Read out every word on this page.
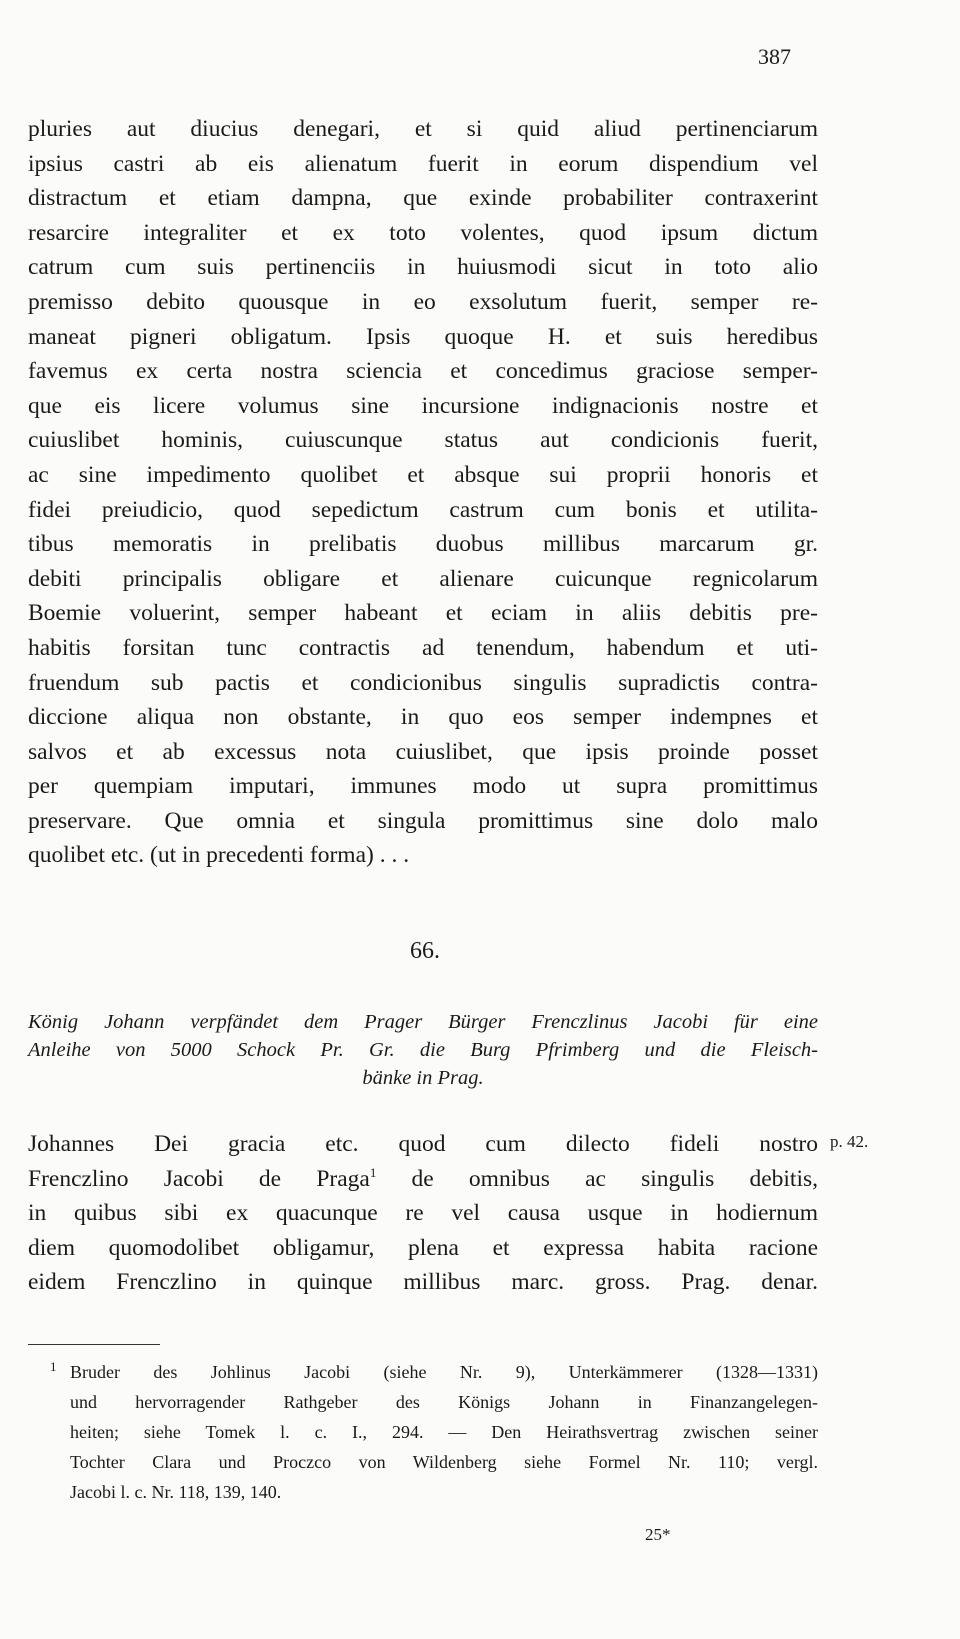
387
pluries aut diucius denegari, et si quid aliud pertinenciarum
ipsius castri ab eis alienatum fuerit in eorum dispendium vel
distractum et etiam dampna, que exinde probabiliter contraxerint
resarcire integraliter et ex toto volentes, quod ipsum dictum
catrum cum suis pertinenciis in huiusmodi sicut in toto alio
premisso debito quousque in eo exsolutum fuerit, semper re-
maneat pigneri obligatum. Ipsis quoque H. et suis heredibus
favemus ex certa nostra sciencia et concedimus graciose semper-
que eis licere volumus sine incursione indignacionis nostre et
cuiuslibet hominis, cuiuscunque status aut condicionis fuerit,
ac sine impedimento quolibet et absque sui proprii honoris et
fidei preiudicio, quod sepedictum castrum cum bonis et utilita-
tibus memoratis in prelibatis duobus millibus marcarum gr.
debiti principalis obligare et alienare cuicunque regnicolarum
Boemie voluerint, semper habeant et eciam in aliis debitis pre-
habitis forsitan tunc contractis ad tenendum, habendum et uti-
fruendum sub pactis et condicionibus singulis supradictis contra-
diccione aliqua non obstante, in quo eos semper indempnes et
salvos et ab excessus nota cuiuslibet, que ipsis proinde posset
per quempiam imputari, immunes modo ut supra promittimus
preservare. Que omnia et singula promittimus sine dolo malo
quolibet etc. (ut in precedenti forma) . . .
66.
König Johann verpfändet dem Prager Bürger Frenczlinus Jacobi für eine
Anleihe von 5000 Schock Pr. Gr. die Burg Pfrimberg und die Fleisch-
bänke in Prag.
Johannes Dei gracia etc. quod cum dilecto fideli nostro
Frenczlino Jacobi de Praga$^1$ de omnibus ac singulis debitis,
in quibus sibi ex quacunque re vel causa usque in hodiernum
diem quomodolibet obligamur, plena et expressa habita racione
eidem Frenczlino in quinque millibus marc. gross. Prag. denar.
p. 42.
$^1$ Bruder des Johlinus Jacobi (siehe Nr. 9), Unterkämmerer (1328—1331)
und hervorragender Rathgeber des Königs Johann in Finanzangelegen-
heiten; siehe Tomek l. c. I., 294. — Den Heirathsvertrag zwischen seiner
Tochter Clara und Proczco von Wildenberg siehe Formel Nr. 110; vergl.
Jacobi l. c. Nr. 118, 139, 140.
25*
